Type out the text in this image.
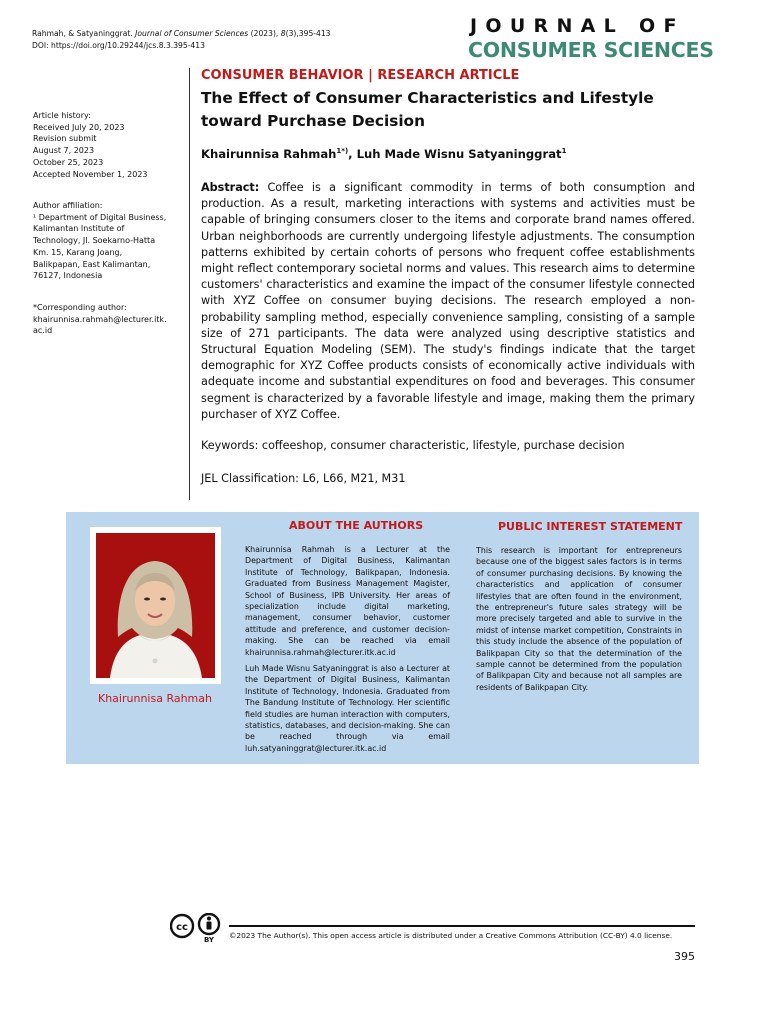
Rahmah, & Satyaninggrat. Journal of Consumer Sciences (2023), 8(3),395-413
DOI: https://doi.org/10.29244/jcs.8.3.395-413
JOURNAL OF
CONSUMER SCIENCES
Article history:
Received July 20, 2023
Revision submit
August 7, 2023
October 25, 2023
Accepted November 1, 2023
Author affiliation:
¹ Department of Digital Business,
Kalimantan Institute of
Technology, Jl. Soekarno-Hatta
Km. 15, Karang Joang,
Balikpapan, East Kalimantan,
76127, Indonesia
*Corresponding author:
khairunnisa.rahmah@lecturer.itk.
ac.id
CONSUMER BEHAVIOR | RESEARCH ARTICLE
The Effect of Consumer Characteristics and Lifestyle toward Purchase Decision
Khairunnisa Rahmah$^{1*)}$, Luh Made Wisnu Satyaninggrat$^1$
Abstract: Coffee is a significant commodity in terms of both consumption and production. As a result, marketing interactions with systems and activities must be capable of bringing consumers closer to the items and corporate brand names offered. Urban neighborhoods are currently undergoing lifestyle adjustments. The consumption patterns exhibited by certain cohorts of persons who frequent coffee establishments might reflect contemporary societal norms and values. This research aims to determine customers' characteristics and examine the impact of the consumer lifestyle connected with XYZ Coffee on consumer buying decisions. The research employed a non-probability sampling method, especially convenience sampling, consisting of a sample size of 271 participants. The data were analyzed using descriptive statistics and Structural Equation Modeling (SEM). The study's findings indicate that the target demographic for XYZ Coffee products consists of economically active individuals with adequate income and substantial expenditures on food and beverages. This consumer segment is characterized by a favorable lifestyle and image, making them the primary purchaser of XYZ Coffee.
Keywords: coffeeshop, consumer characteristic, lifestyle, purchase decision
JEL Classification: L6, L66, M21, M31
Khairunnisa Rahmah
ABOUT THE AUTHORS
Khairunnisa Rahmah is a Lecturer at the Department of Digital Business, Kalimantan Institute of Technology, Balikpapan, Indonesia. Graduated from Business Management Magister, School of Business, IPB University. Her areas of specialization include digital marketing, management, consumer behavior, customer attitude and preference, and customer decision-making. She can be reached via email khairunnisa.rahmah@lecturer.itk.ac.id
Luh Made Wisnu Satyaninggrat is also a Lecturer at the Department of Digital Business, Kalimantan Institute of Technology, Indonesia. Graduated from The Bandung Institute of Technology. Her scientific field studies are human interaction with computers, statistics, databases, and decision-making. She can be reached through via email luh.satyaninggrat@lecturer.itk.ac.id
PUBLIC INTEREST STATEMENT
This research is important for entrepreneurs because one of the biggest sales factors is in terms of consumer purchasing decisions. By knowing the characteristics and application of consumer lifestyles that are often found in the environment, the entrepreneur's future sales strategy will be more precisely targeted and able to survive in the midst of intense market competition, Constraints in this study include the absence of the population of Balikpapan City so that the determination of the sample cannot be determined from the population of Balikpapan City and because not all samples are residents of Balikpapan City.
cc
BY ©2023 The Author(s). This open access article is distributed under a Creative Commons Attribution (CC-BY) 4.0 license.
395
